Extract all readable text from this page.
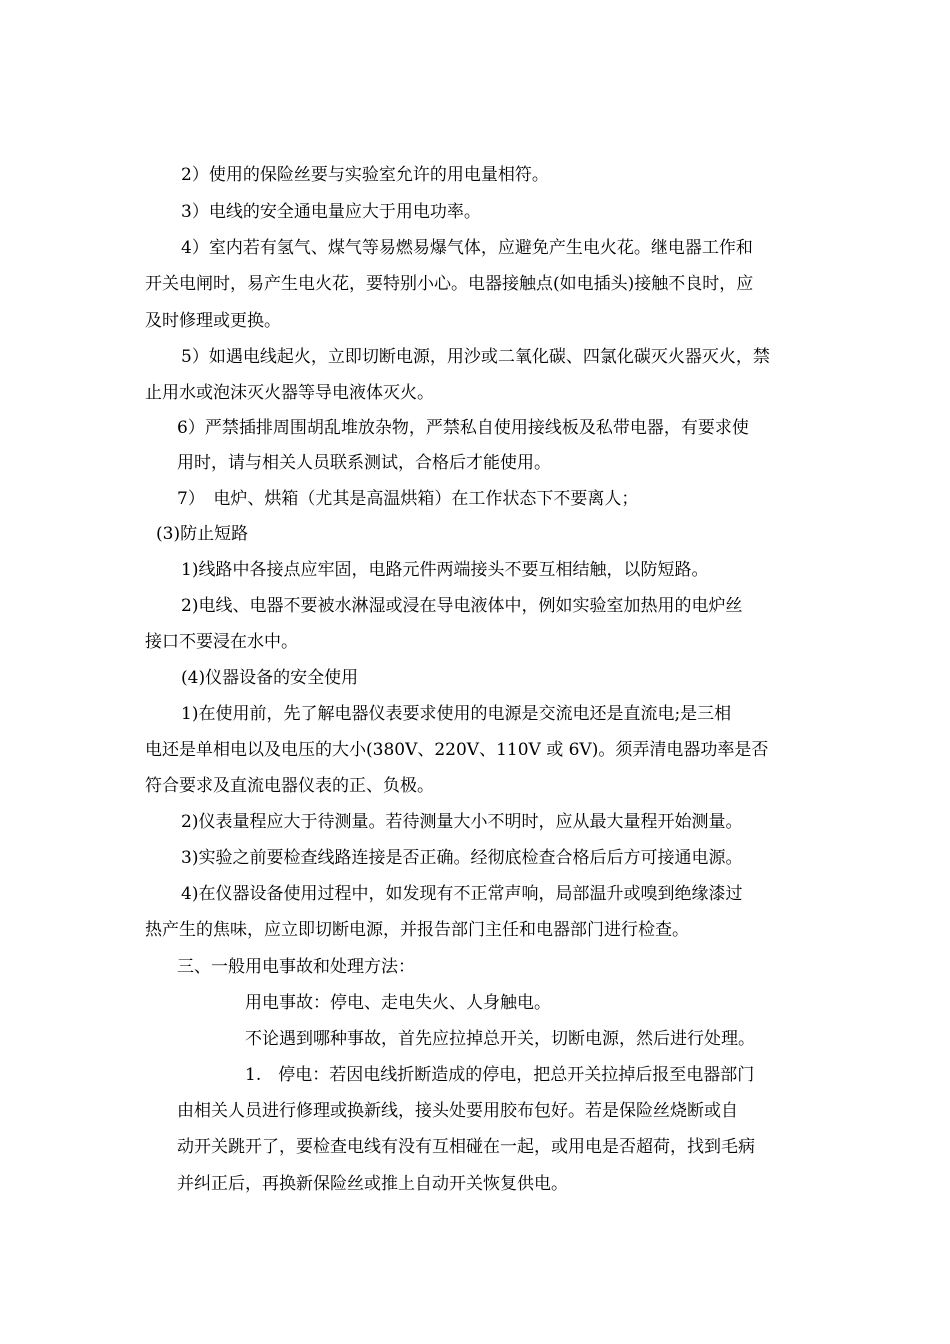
2）使用的保险丝要与实验室允许的用电量相符。

3）电线的安全通电量应大于用电功率。

4）室内若有氢气、煤气等易燃易爆气体，应避免产生电火花。继电器工作和

开关电闸时，易产生电火花，要特别小心。电器接触点(如电插头)接触不良时，应

及时修理或更换。

5）如遇电线起火，立即切断电源，用沙或二氧化碳、四氯化碳灭火器灭火，禁

止用水或泡沫灭火器等导电液体灭火。

6）严禁插排周围胡乱堆放杂物，严禁私自使用接线板及私带电器，有要求使

用时，请与相关人员联系测试，合格后才能使用。

7）　电炉、烘箱（尤其是高温烘箱）在工作状态下不要离人；

(3)防止短路

1)线路中各接点应牢固，电路元件两端接头不要互相结触，以防短路。

2)电线、电器不要被水淋湿或浸在导电液体中，例如实验室加热用的电炉丝

接口不要浸在水中。

(4)仪器设备的安全使用

1)在使用前，先了解电器仪表要求使用的电源是交流电还是直流电;是三相

电还是单相电以及电压的大小(380V、220V、110V 或 6V)。须弄清电器功率是否

符合要求及直流电器仪表的正、负极。

2)仪表量程应大于待测量。若待测量大小不明时，应从最大量程开始测量。

3)实验之前要检查线路连接是否正确。经彻底检查合格后后方可接通电源。

4)在仪器设备使用过程中，如发现有不正常声响，局部温升或嗅到绝缘漆过

热产生的焦味，应立即切断电源，并报告部门主任和电器部门进行检查。

三、一般用电事故和处理方法：

用电事故：停电、走电失火、人身触电。

不论遇到哪种事故，首先应拉掉总开关，切断电源，然后进行处理。

1.　停电：若因电线折断造成的停电，把总开关拉掉后报至电器部门

由相关人员进行修理或换新线，接头处要用胶布包好。若是保险丝烧断或自

动开关跳开了，要检查电线有没有互相碰在一起，或用电是否超荷，找到毛病

并纠正后，再换新保险丝或推上自动开关恢复供电。
